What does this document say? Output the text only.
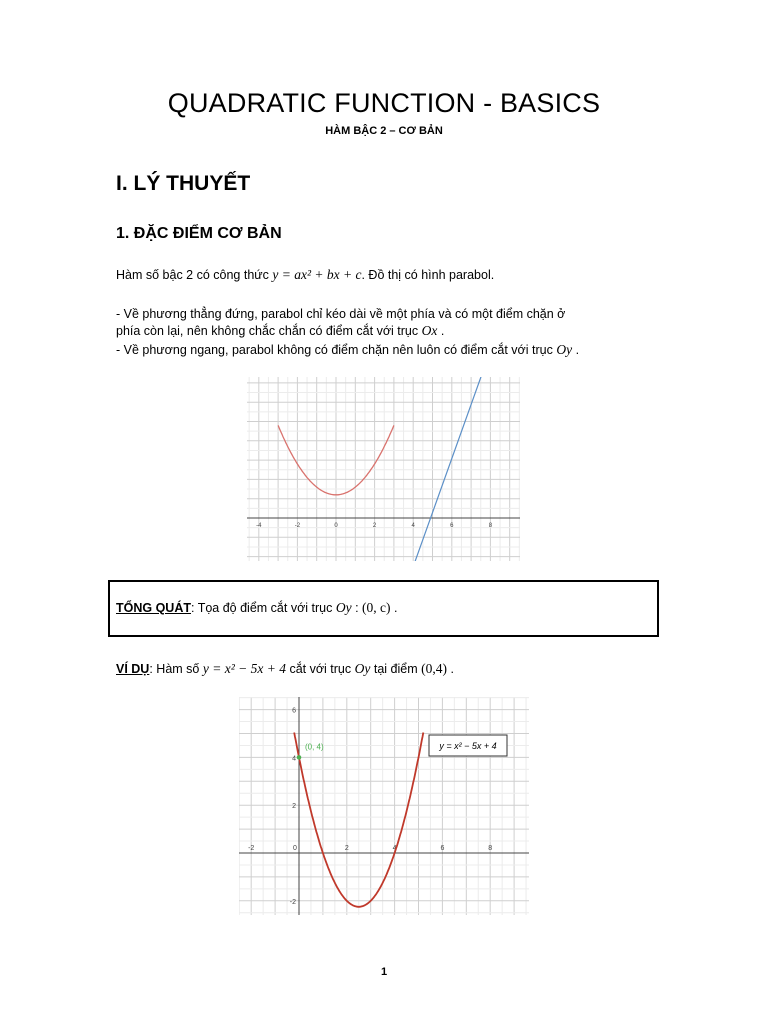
QUADRATIC FUNCTION - BASICS
HÀM BẬC 2 – CƠ BẢN
I. LÝ THUYẾT
1. ĐẶC ĐIỂM CƠ BẢN
Hàm số bậc 2 có công thức y = ax² + bx + c. Đồ thị có hình parabol.
- Về phương thẳng đứng, parabol chỉ kéo dài về một phía và có một điểm chặn ở
phía còn lại, nên không chắc chắn có điểm cắt với trục Ox .
- Về phương ngang, parabol không có điểm chặn nên luôn có điểm cắt với trục Oy .
-4	-2	0	2	4	6	8
TỔNG QUÁT: Tọa độ điểm cắt với trục Oy : (0, c) .
VÍ DỤ: Hàm số y = x² − 5x + 4 cắt với trục Oy tại điểm (0,4) .
-2	0	2	4	6	8
6
4
2
-2
(0, 4)	y = x² − 5x + 4
1
